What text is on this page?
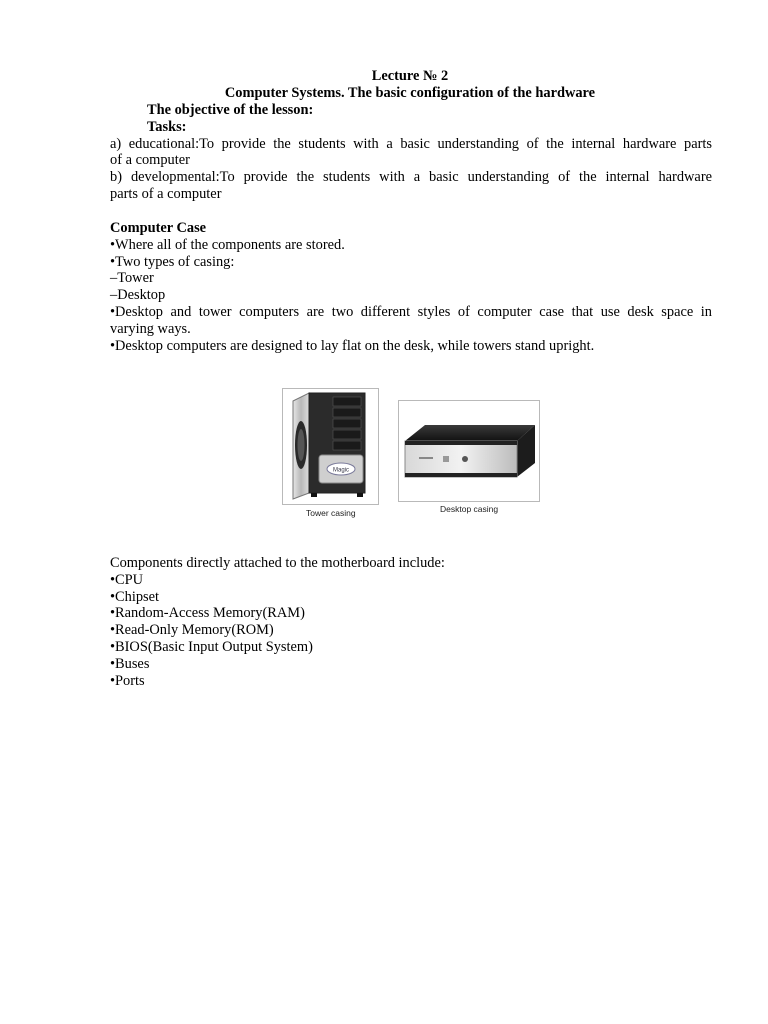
Lecture № 2
Computer Systems. The basic configuration of the hardware
The objective of the lesson:
Tasks:
a) educational:To provide the students with a basic understanding of the internal hardware parts
of a computer
b) developmental:To provide the students with a basic understanding of the internal hardware
parts of a computer
Computer Case
•Where all of the components are stored.
•Two types of casing:
–Tower
–Desktop
•Desktop and tower computers are two different styles of computer case that use desk space in
varying ways.
•Desktop computers are designed to lay flat on the desk, while towers stand upright.
Magic
Tower casing	Desktop casing
Components directly attached to the motherboard include:
•CPU
•Chipset
•Random-Access Memory(RAM)
•Read-Only Memory(ROM)
•BIOS(Basic Input Output System)
•Buses
•Ports
